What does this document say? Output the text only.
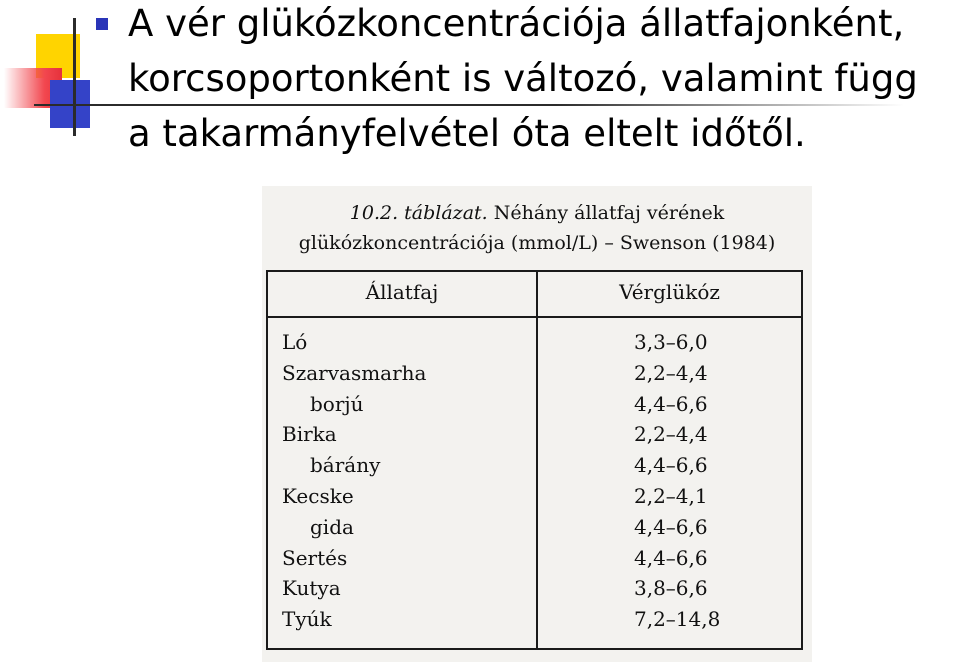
A vér glükózkoncentrációja állatfajonként,
korcsoportonként is változó, valamint függ
a takarmányfelvétel óta eltelt időtől.
10.2. táblázat. Néhány állatfaj vérének
glükózkoncentrációja (mmol/L) – Swenson (1984)
Állatfaj	Vérglükóz
Ló	3,3–6,0
Szarvasmarha	2,2–4,4
borjú	4,4–6,6
Birka	2,2–4,4
bárány	4,4–6,6
Kecske	2,2–4,1
gida	4,4–6,6
Sertés	4,4–6,6
Kutya	3,8–6,6
Tyúk	7,2–14,8
